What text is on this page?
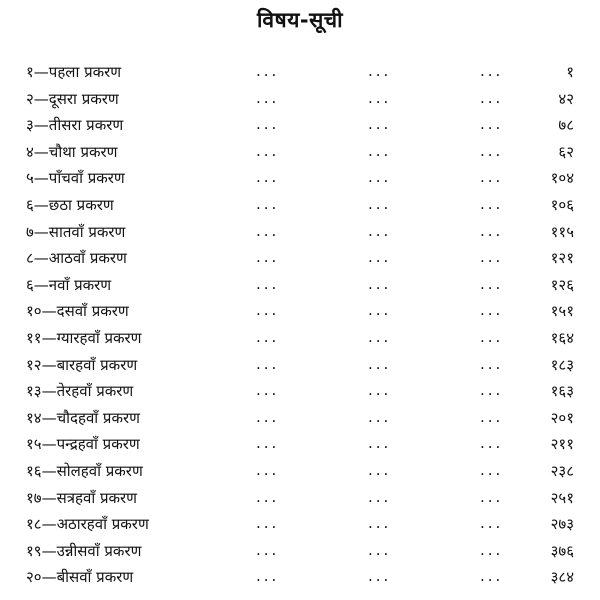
विषय-सूची
१—पहला प्रकरण	...	...	...	१
२—दूसरा प्रकरण	...	...	...	४२
३—तीसरा प्रकरण	...	...	...	७८
४—चौथा प्रकरण	...	...	...	६२
५—पाँचवाँ प्रकरण	...	...	...	१०४
६—छठा प्रकरण	...	...	...	१०६
७—सातवाँ प्रकरण	...	...	...	११५
८—आठवाँ प्रकरण	...	...	...	१२१
६—नवाँ प्रकरण	...	...	...	१२६
१०—दसवाँ प्रकरण	...	...	...	१५१
११—ग्यारहवाँ प्रकरण	...	...	...	१६४
१२—बारहवाँ प्रकरण	...	...	...	१८३
१३—तेरहवाँ प्रकरण	...	...	...	१६३
१४—चौदहवाँ प्रकरण	...	...	...	२०१
१५—पन्द्रहवाँ प्रकरण	...	...	...	२११
१६—सोलहवाँ प्रकरण	...	...	...	२३८
१७—सत्रहवाँ प्रकरण	...	...	...	२५१
१८—अठारहवाँ प्रकरण	...	...	...	२७३
१९—उन्नीसवाँ प्रकरण	...	...	...	३७६
२०—बीसवाँ प्रकरण	...	...	...	३८४
